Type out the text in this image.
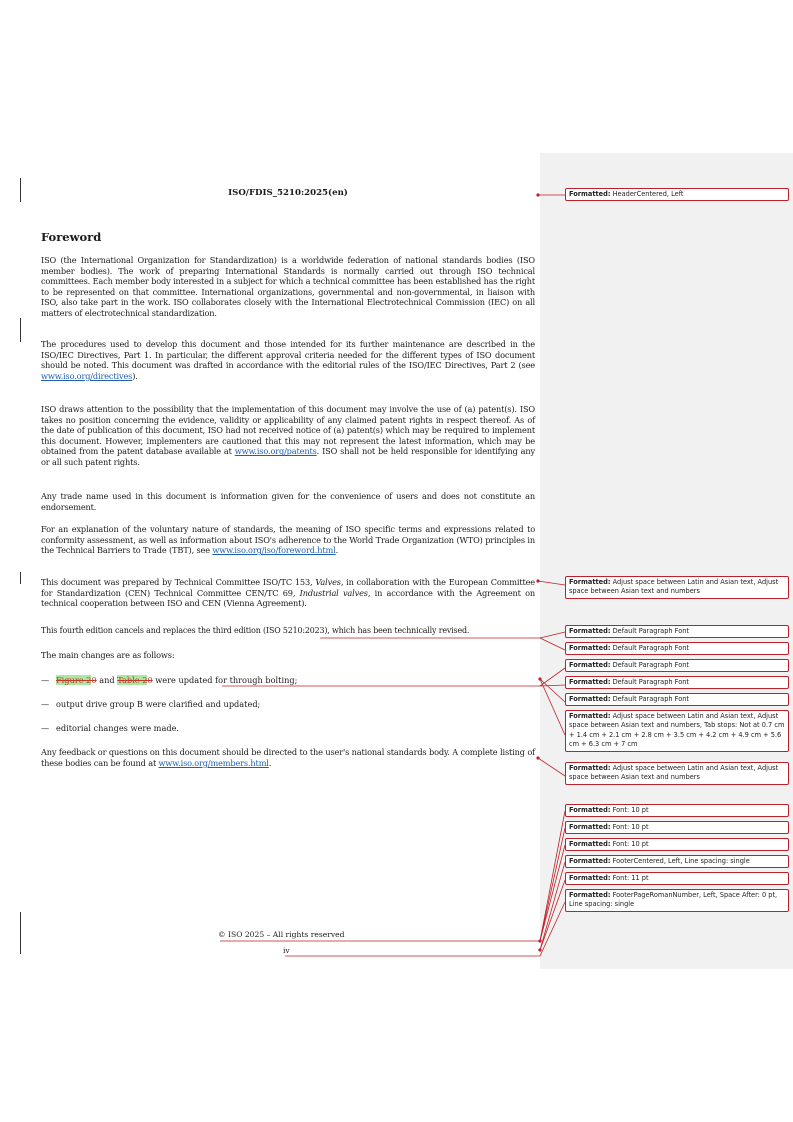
ISO/FDIS_5210:2025(en)
Foreword
ISO (the International Organization for Standardization) is a worldwide federation of national standards bodies (ISO member bodies). The work of preparing International Standards is normally carried out through ISO technical committees. Each member body interested in a subject for which a technical committee has been established has the right to be represented on that committee. International organizations, governmental and non-governmental, in liaison with ISO, also take part in the work. ISO collaborates closely with the International Electrotechnical Commission (IEC) on all matters of electrotechnical standardization.
The procedures used to develop this document and those intended for its further maintenance are described in the ISO/IEC Directives, Part 1. In particular, the different approval criteria needed for the different types of ISO document should be noted. This document was drafted in accordance with the editorial rules of the ISO/IEC Directives, Part 2 (see www.iso.org/directives).
ISO draws attention to the possibility that the implementation of this document may involve the use of (a) patent(s). ISO takes no position concerning the evidence, validity or applicability of any claimed patent rights in respect thereof. As of the date of publication of this document, ISO had not received notice of (a) patent(s) which may be required to implement this document. However, implementers are cautioned that this may not represent the latest information, which may be obtained from the patent database available at www.iso.org/patents. ISO shall not be held responsible for identifying any or all such patent rights.
Any trade name used in this document is information given for the convenience of users and does not constitute an endorsement.
For an explanation of the voluntary nature of standards, the meaning of ISO specific terms and expressions related to conformity assessment, as well as information about ISO's adherence to the World Trade Organization (WTO) principles in the Technical Barriers to Trade (TBT), see www.iso.org/iso/foreword.html.
This document was prepared by Technical Committee ISO/TC 153, Valves, in collaboration with the European Committee for Standardization (CEN) Technical Committee CEN/TC 69, Industrial valves, in accordance with the Agreement on technical cooperation between ISO and CEN (Vienna Agreement).
This fourth edition cancels and replaces the third edition (ISO 5210:2023), which has been technically revised.
The main changes are as follows:
— Figure 20 and Table 20 were updated for through bolting;
— output drive group B were clarified and updated;
— editorial changes were made.
Any feedback or questions on this document should be directed to the user's national standards body. A complete listing of these bodies can be found at www.iso.org/members.html.
© ISO 2025 – All rights reserved
iv
Formatted: HeaderCentered, Left
Formatted: Adjust space between Latin and Asian text, Adjust space between Asian text and numbers
Formatted: Default Paragraph Font
Formatted: Default Paragraph Font
Formatted: Default Paragraph Font
Formatted: Default Paragraph Font
Formatted: Default Paragraph Font
Formatted: Adjust space between Latin and Asian text, Adjust space between Asian text and numbers, Tab stops: Not at 0.7 cm + 1.4 cm + 2.1 cm + 2.8 cm + 3.5 cm + 4.2 cm + 4.9 cm + 5.6 cm + 6.3 cm + 7 cm
Formatted: Adjust space between Latin and Asian text, Adjust space between Asian text and numbers
Formatted: Font: 10 pt
Formatted: Font: 10 pt
Formatted: Font: 10 pt
Formatted: FooterCentered, Left, Line spacing: single
Formatted: Font: 11 pt
Formatted: FooterPageRomanNumber, Left, Space After: 0 pt, Line spacing: single
